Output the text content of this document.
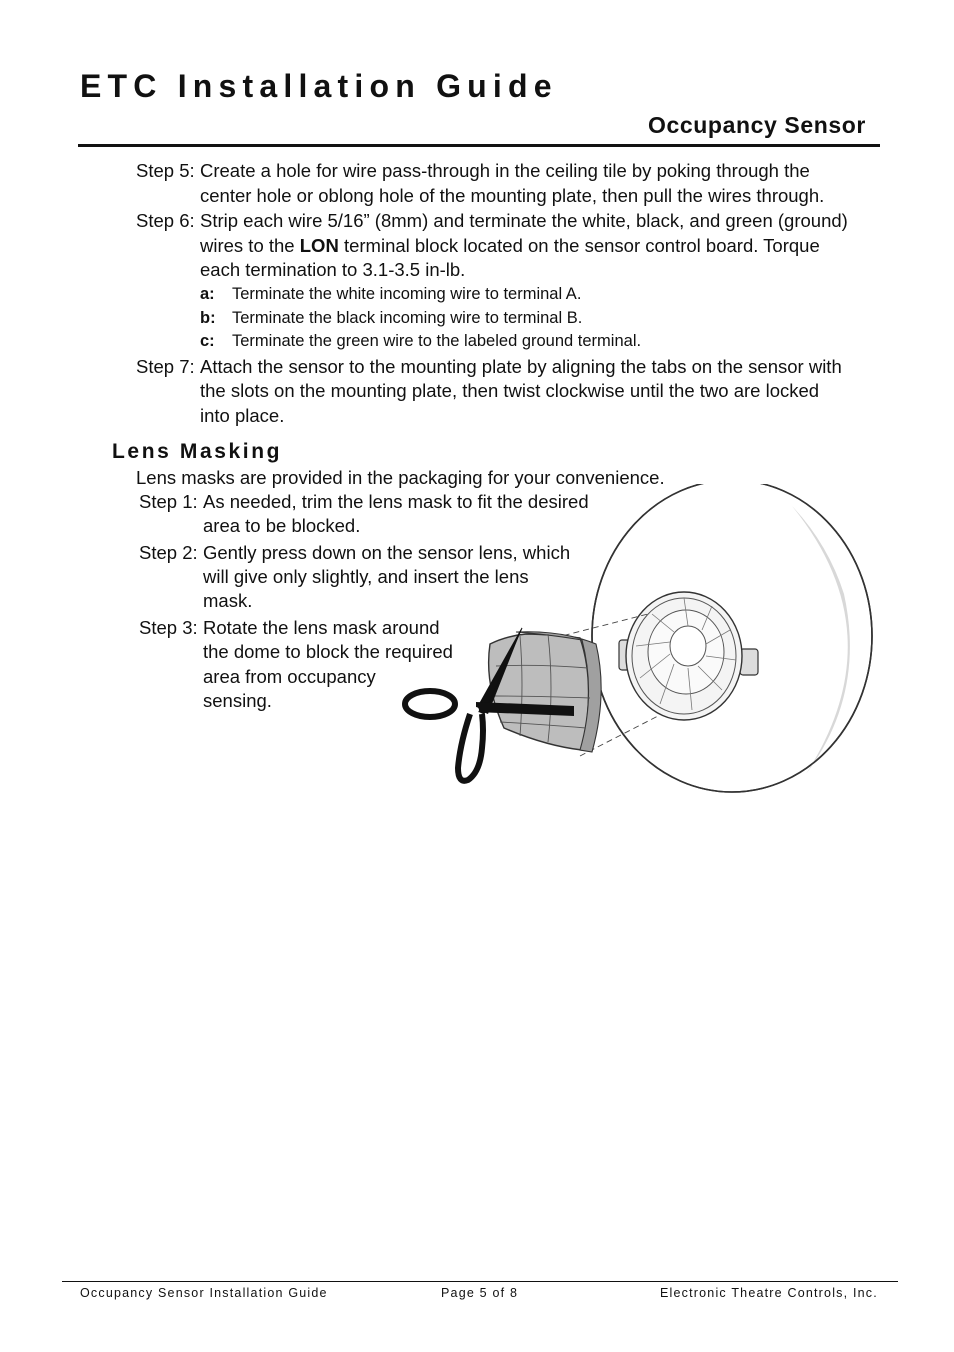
ETC Installation Guide
Occupancy Sensor
Step 5: Create a hole for wire pass-through in the ceiling tile by poking through the
center hole or oblong hole of the mounting plate, then pull the wires through.
Step 6: Strip each wire 5/16” (8mm) and terminate the white, black, and green (ground)
wires to the LON terminal block located on the sensor control board. Torque
each termination to 3.1-3.5 in-lb.
a: Terminate the white incoming wire to terminal A.
b: Terminate the black incoming wire to terminal B.
c: Terminate the green wire to the labeled ground terminal.
Step 7: Attach the sensor to the mounting plate by aligning the tabs on the sensor with
the slots on the mounting plate, then twist clockwise until the two are locked
into place.
Lens Masking
Lens masks are provided in the packaging for your convenience.
Step 1: As needed, trim the lens mask to fit the desired
area to be blocked.
Step 2: Gently press down on the sensor lens, which
will give only slightly, and insert the lens
mask.
Step 3: Rotate the lens mask around
the dome to block the required
area from occupancy
sensing.
Occupancy Sensor Installation Guide	Page 5 of 8	Electronic Theatre Controls, Inc.
